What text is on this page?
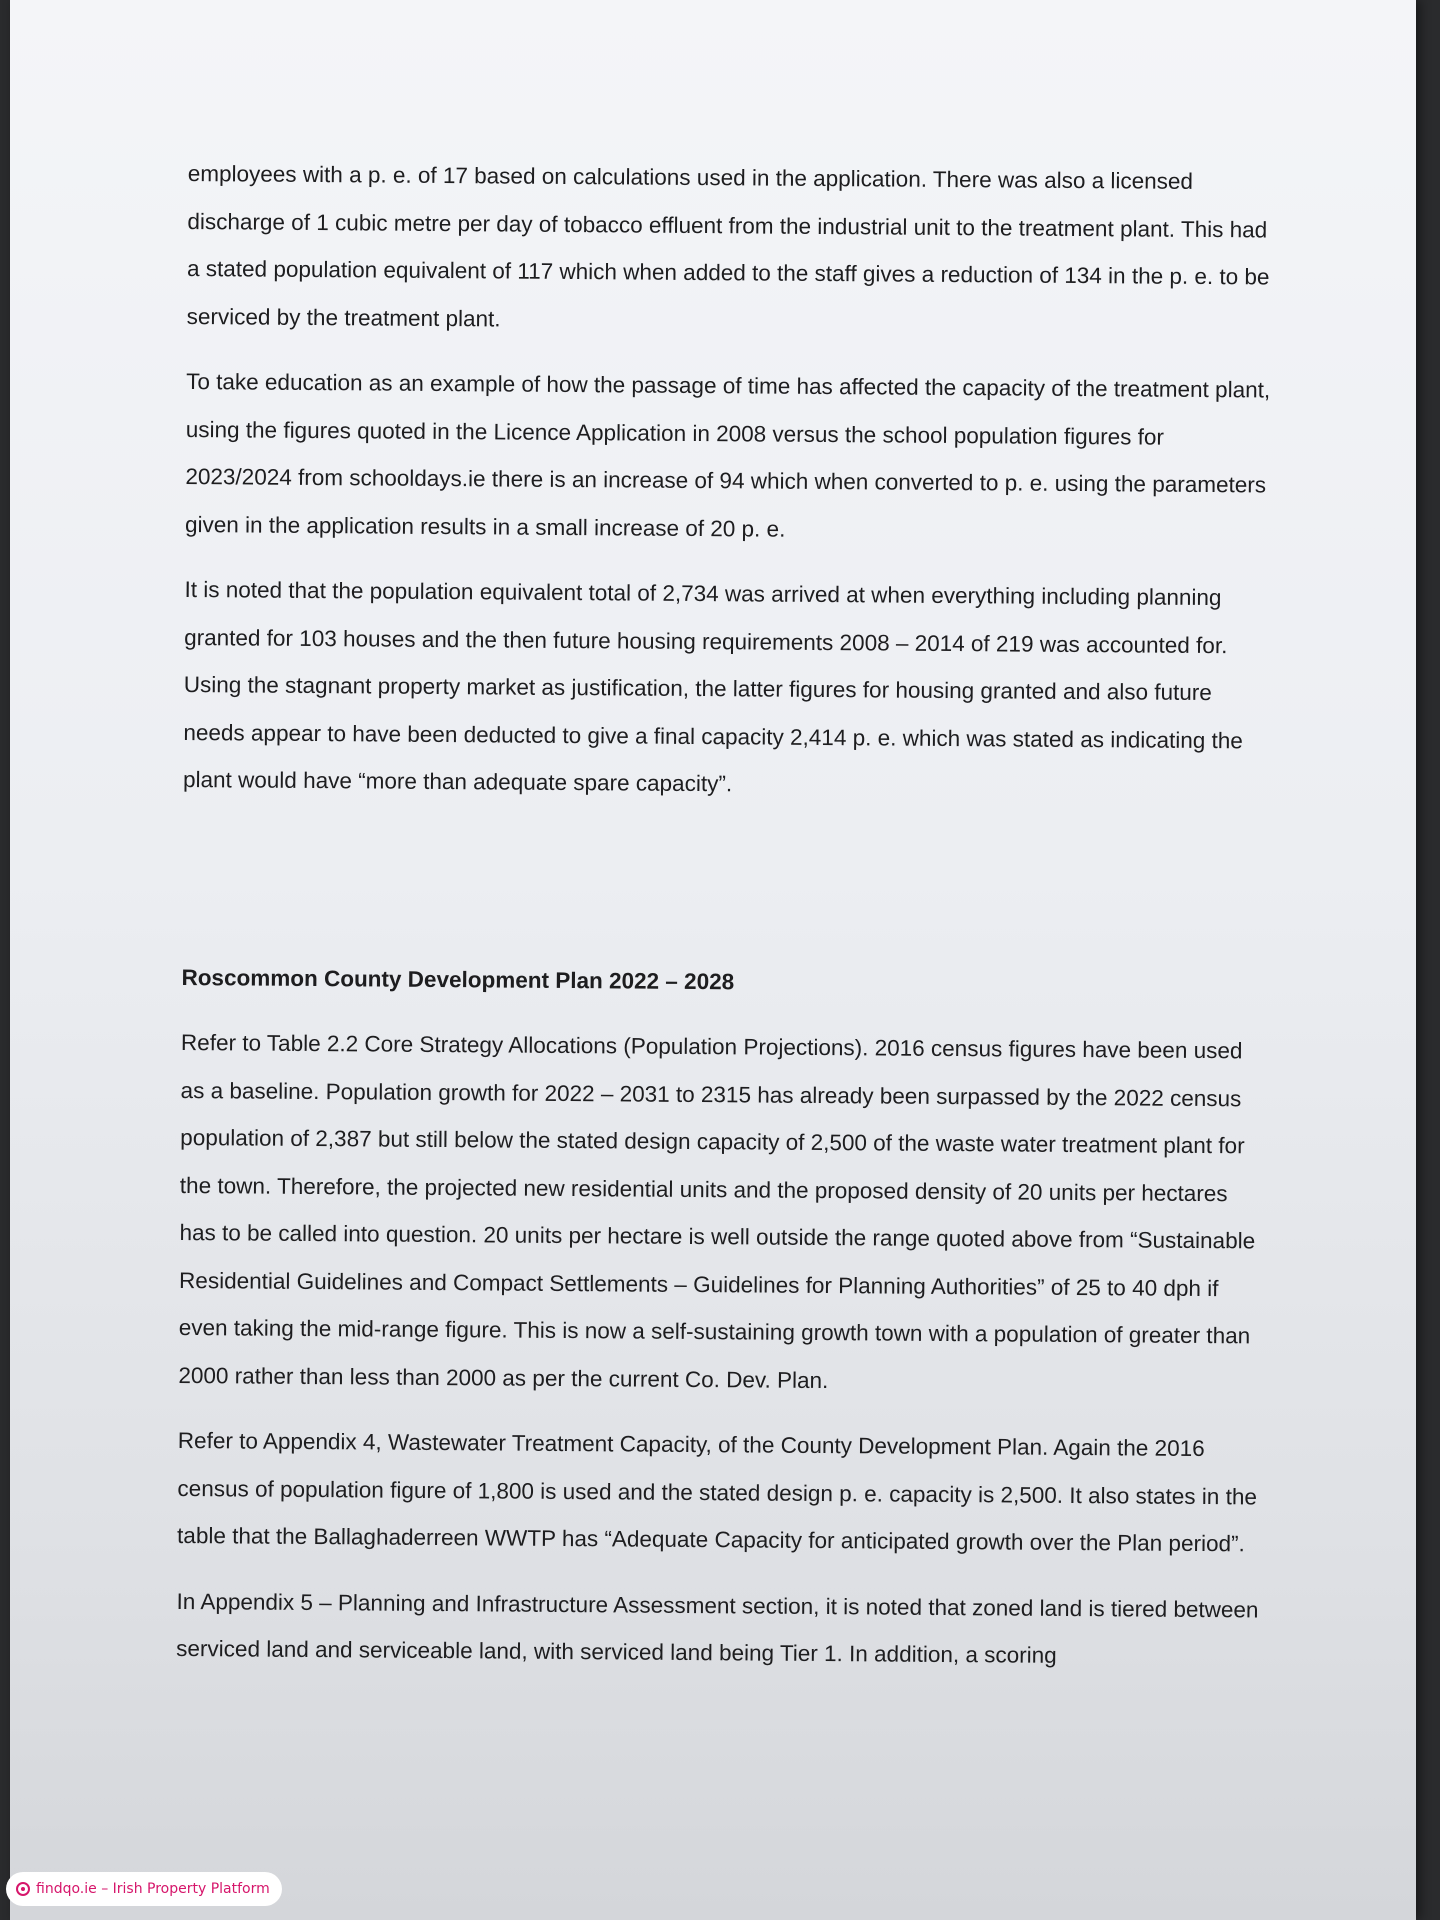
employees with a p. e. of 17 based on calculations used in the application. There was also a licensed discharge of 1 cubic metre per day of tobacco effluent from the industrial unit to the treatment plant. This had a stated population equivalent of 117 which when added to the staff gives a reduction of 134 in the p. e. to be serviced by the treatment plant.

To take education as an example of how the passage of time has affected the capacity of the treatment plant, using the figures quoted in the Licence Application in 2008 versus the school population figures for 2023/2024 from schooldays.ie there is an increase of 94 which when converted to p. e. using the parameters given in the application results in a small increase of 20 p. e.

It is noted that the population equivalent total of 2,734 was arrived at when everything including planning granted for 103 houses and the then future housing requirements 2008 – 2014 of 219 was accounted for. Using the stagnant property market as justification, the latter figures for housing granted and also future needs appear to have been deducted to give a final capacity 2,414 p. e. which was stated as indicating the plant would have “more than adequate spare capacity”.

Roscommon County Development Plan 2022 – 2028

Refer to Table 2.2 Core Strategy Allocations (Population Projections). 2016 census figures have been used as a baseline. Population growth for 2022 – 2031 to 2315 has already been surpassed by the 2022 census population of 2,387 but still below the stated design capacity of 2,500 of the waste water treatment plant for the town. Therefore, the projected new residential units and the proposed density of 20 units per hectares has to be called into question. 20 units per hectare is well outside the range quoted above from “Sustainable Residential Guidelines and Compact Settlements – Guidelines for Planning Authorities” of 25 to 40 dph if even taking the mid-range figure. This is now a self-sustaining growth town with a population of greater than 2000 rather than less than 2000 as per the current Co. Dev. Plan.

Refer to Appendix 4, Wastewater Treatment Capacity, of the County Development Plan. Again the 2016 census of population figure of 1,800 is used and the stated design p. e. capacity is 2,500. It also states in the table that the Ballaghaderreen WWTP has “Adequate Capacity for anticipated growth over the Plan period”.

In Appendix 5 – Planning and Infrastructure Assessment section, it is noted that zoned land is tiered between serviced land and serviceable land, with serviced land being Tier 1. In addition, a scoring

findqo.ie – Irish Property Platform
